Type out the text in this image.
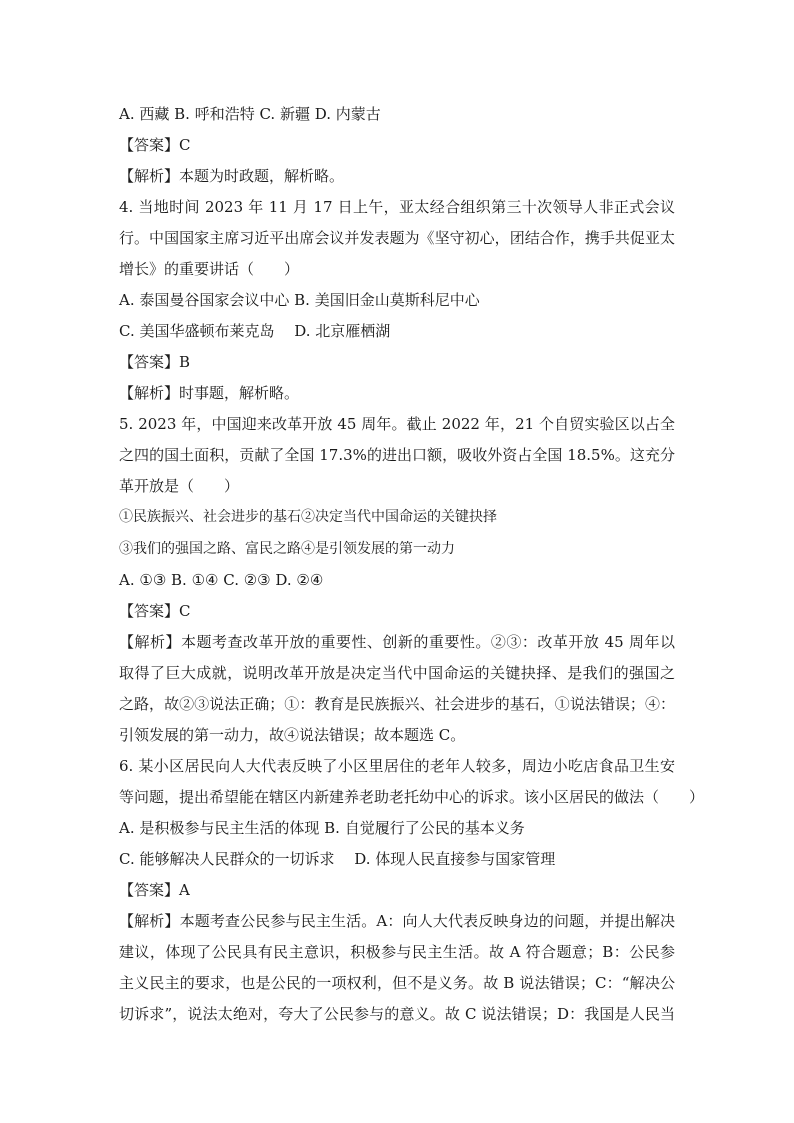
A. 西藏 B. 呼和浩特 C. 新疆 D. 内蒙古
【答案】C
【解析】本题为时政题，解析略。
4. 当地时间 2023 年 11 月 17 日上午，亚太经合组织第三十次领导人非正式会议　　
行。中国国家主席习近平出席会议并发表题为《坚守初心，团结合作，携手共促亚太
增长》的重要讲话（　　）
A. 泰国曼谷国家会议中心 B. 美国旧金山莫斯科尼中心
C. 美国华盛顿布莱克岛　 D. 北京雁栖湖
【答案】B
【解析】时事题，解析略。
5. 2023 年，中国迎来改革开放 45 周年。截止 2022 年，21 个自贸实验区以占全
之四的国土面积，贡献了全国 17.3%的进出口额，吸收外资占全国 18.5%。这充分
革开放是（　　）
①民族振兴、社会进步的基石②决定当代中国命运的关键抉择
③我们的强国之路、富民之路④是引领发展的第一动力
A. ①③ B. ①④ C. ②③ D. ②④
【答案】C
【解析】本题考查改革开放的重要性、创新的重要性。②③：改革开放 45 周年以
取得了巨大成就，说明改革开放是决定当代中国命运的关键抉择、是我们的强国之
之路，故②③说法正确；①：教育是民族振兴、社会进步的基石，①说法错误；④：
引领发展的第一动力，故④说法错误；故本题选 C。
6. 某小区居民向人大代表反映了小区里居住的老年人较多，周边小吃店食品卫生安
等问题，提出希望能在辖区内新建养老助老托幼中心的诉求。该小区居民的做法（　　）
A. 是积极参与民主生活的体现 B. 自觉履行了公民的基本义务
C. 能够解决人民群众的一切诉求　 D. 体现人民直接参与国家管理
【答案】A
【解析】本题考查公民参与民主生活。A：向人大代表反映身边的问题，并提出解决
建议，体现了公民具有民主意识，积极参与民主生活。故 A 符合题意；B：公民参
主义民主的要求，也是公民的一项权利，但不是义务。故 B 说法错误；C：“解决公
切诉求”，说法太绝对，夸大了公民参与的意义。故 C 说法错误；D：我国是人民当
